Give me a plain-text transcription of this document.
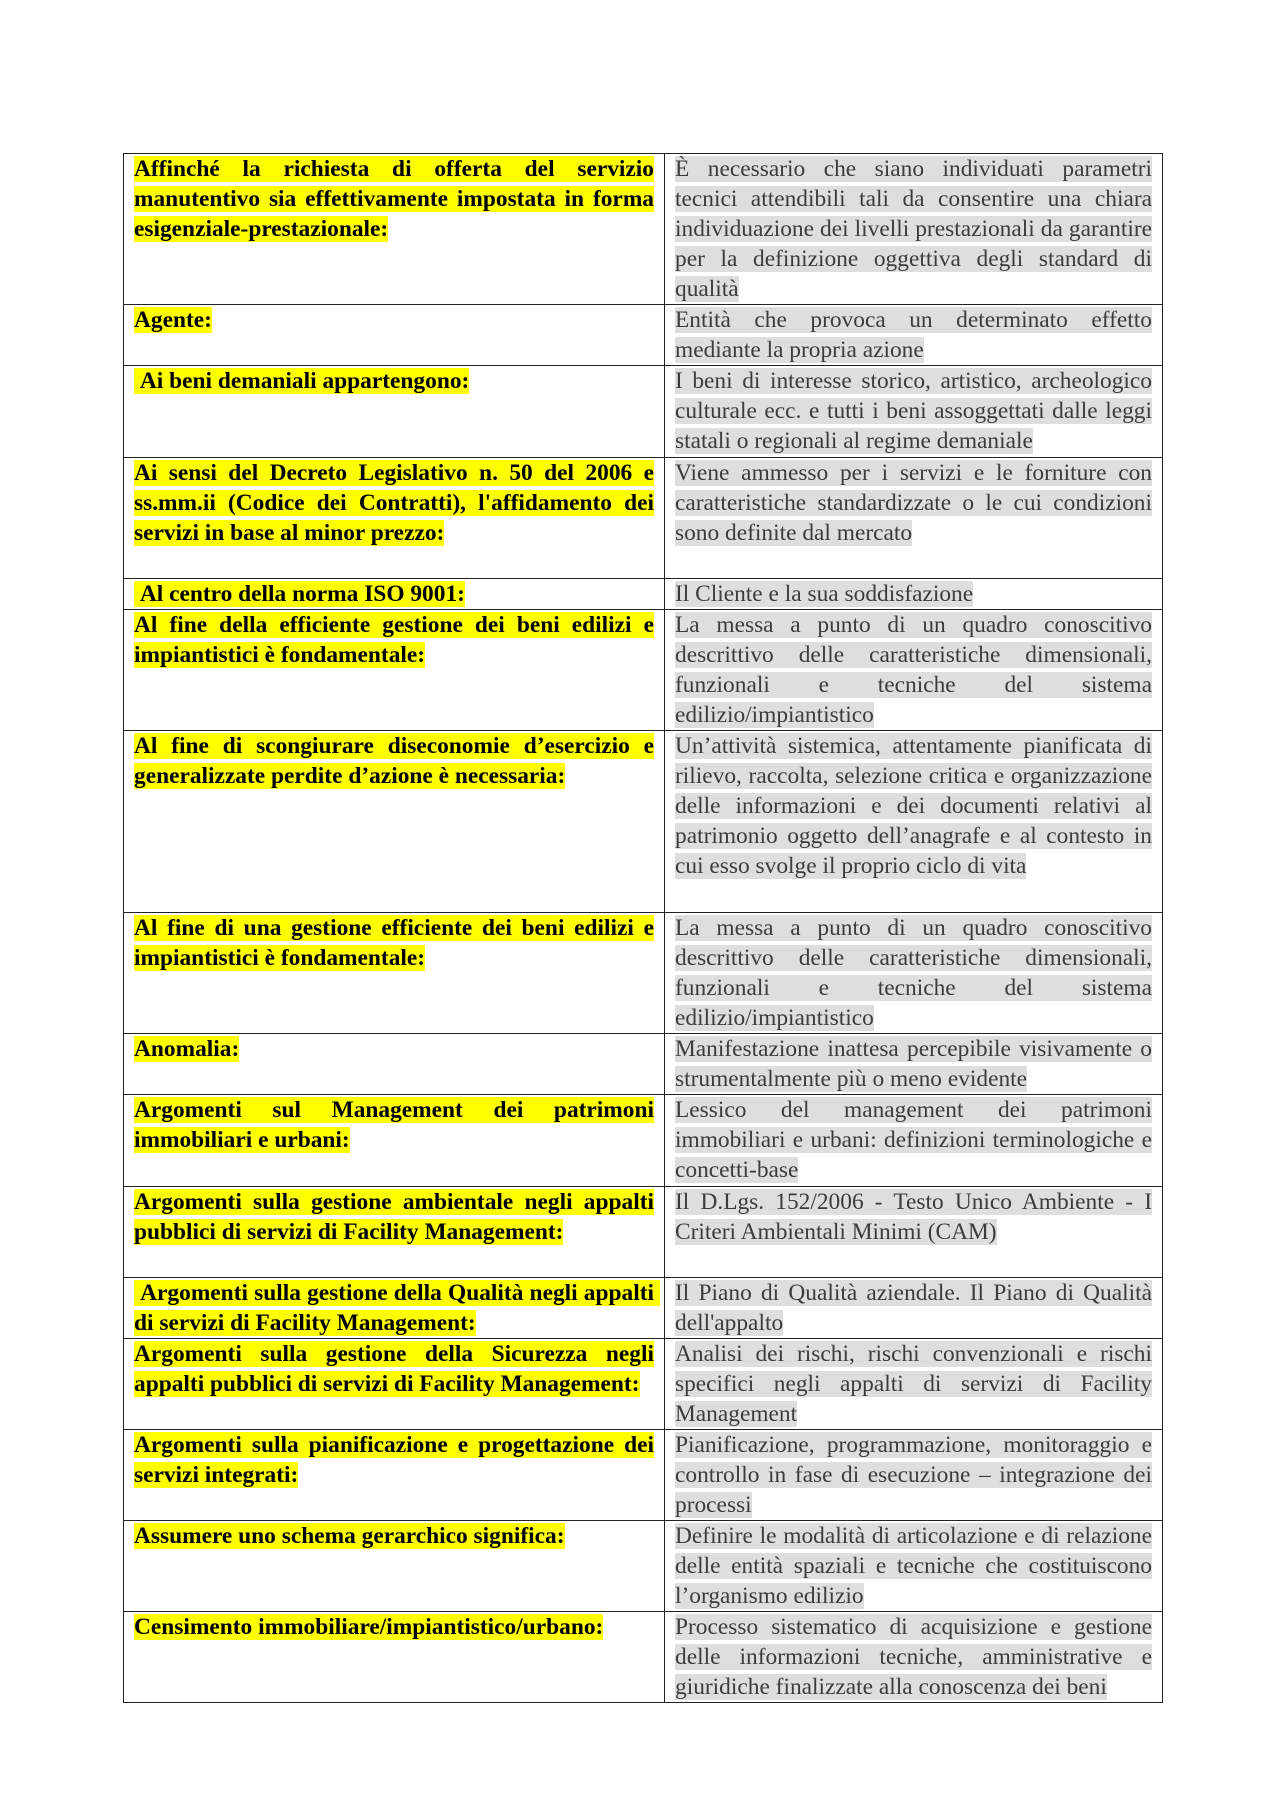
Affinché la richiesta di offerta del servizio manutentivo sia effettivamente impostata in forma esigenziale-prestazionale:	È necessario che siano individuati parametri tecnici attendibili tali da consentire una chiara individuazione dei livelli prestazionali da garantire per la definizione oggettiva degli standard di qualità
Agente:	Entità che provoca un determinato effetto mediante la propria azione
Ai beni demaniali appartengono:	I beni di interesse storico, artistico, archeologico culturale ecc. e tutti i beni assoggettati dalle leggi statali o regionali al regime demaniale
Ai sensi del Decreto Legislativo n. 50 del 2006 e ss.mm.ii (Codice dei Contratti), l'affidamento dei servizi in base al minor prezzo:	Viene ammesso per i servizi e le forniture con caratteristiche standardizzate o le cui condizioni sono definite dal mercato
Al centro della norma ISO 9001:	Il Cliente e la sua soddisfazione
Al fine della efficiente gestione dei beni edilizi e impiantistici è fondamentale:	La messa a punto di un quadro conoscitivo descrittivo delle caratteristiche dimensionali, funzionali e tecniche del sistema edilizio/impiantistico
Al fine di scongiurare diseconomie d’esercizio e generalizzate perdite d’azione è necessaria:	Un’attività sistemica, attentamente pianificata di rilievo, raccolta, selezione critica e organizzazione delle informazioni e dei documenti relativi al patrimonio oggetto dell’anagrafe e al contesto in cui esso svolge il proprio ciclo di vita
Al fine di una gestione efficiente dei beni edilizi e impiantistici è fondamentale:	La messa a punto di un quadro conoscitivo descrittivo delle caratteristiche dimensionali, funzionali e tecniche del sistema edilizio/impiantistico
Anomalia:	Manifestazione inattesa percepibile visivamente o strumentalmente più o meno evidente
Argomenti sul Management dei patrimoni immobiliari e urbani:	Lessico del management dei patrimoni immobiliari e urbani: definizioni terminologiche e concetti-base
Argomenti sulla gestione ambientale negli appalti pubblici di servizi di Facility Management:	Il D.Lgs. 152/2006 - Testo Unico Ambiente - I Criteri Ambientali Minimi (CAM)
Argomenti sulla gestione della Qualità negli appalti di servizi di Facility Management:	Il Piano di Qualità aziendale. Il Piano di Qualità dell'appalto
Argomenti sulla gestione della Sicurezza negli appalti pubblici di servizi di Facility Management:	Analisi dei rischi, rischi convenzionali e rischi specifici negli appalti di servizi di Facility Management
Argomenti sulla pianificazione e progettazione dei servizi integrati:	Pianificazione, programmazione, monitoraggio e controllo in fase di esecuzione – integrazione dei processi
Assumere uno schema gerarchico significa:	Definire le modalità di articolazione e di relazione delle entità spaziali e tecniche che costituiscono l’organismo edilizio
Censimento immobiliare/impiantistico/urbano:	Processo sistematico di acquisizione e gestione delle informazioni tecniche, amministrative e giuridiche finalizzate alla conoscenza dei beni
